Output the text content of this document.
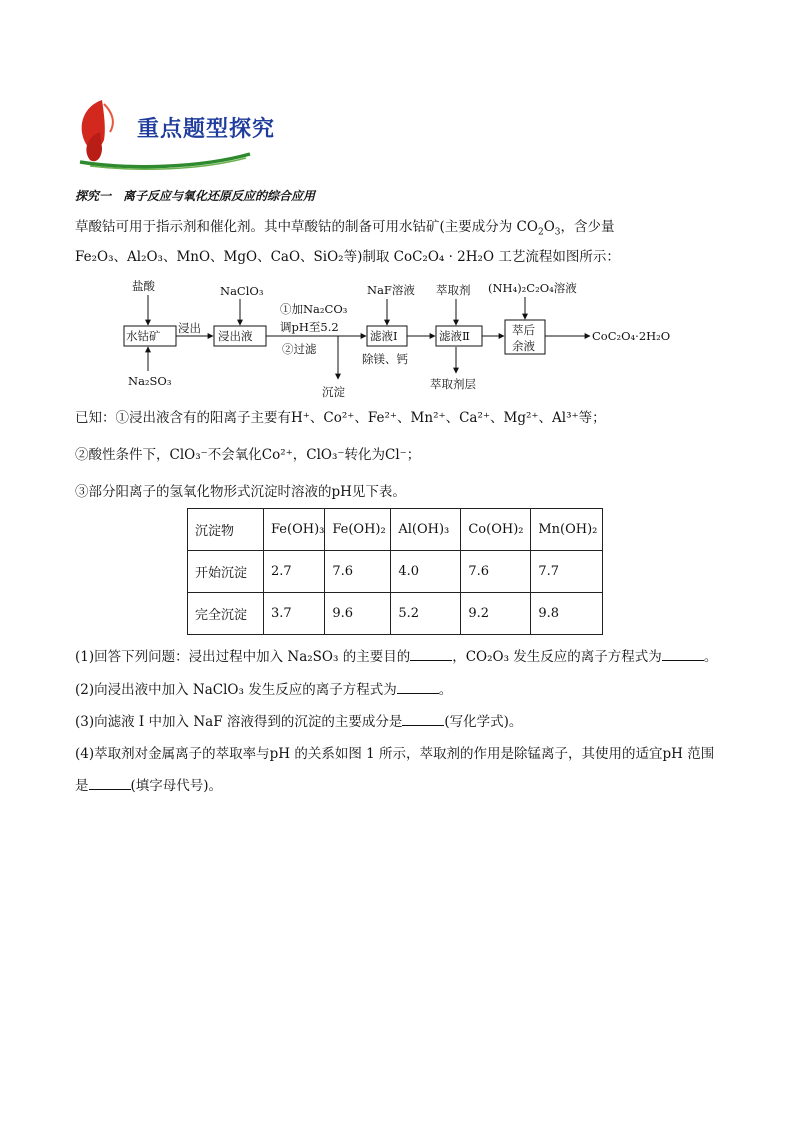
重点题型探究
探究一　离子反应与氧化还原反应的综合应用
草酸钴可用于指示剂和催化剂。其中草酸钴的制备可用水钴矿(主要成分为 $CO_2O_3$，含少量
Fe₂O₃、Al₂O₃、MnO、MgO、CaO、SiO₂等)制取 CoC₂O₄ · 2H₂O 工艺流程如图所示：
盐酸
水钴矿
Na₂SO₃
浸出
浸出液
NaClO₃
①加Na₂CO₃
调pH至5.2
②过滤
沉淀
NaF溶液
滤液Ⅰ
除镁、钙
萃取剂
滤液Ⅱ
萃取剂层
(NH₄)₂C₂O₄溶液
萃后
余液
CoC₂O₄·2H₂O
已知：①浸出液含有的阳离子主要有H⁺、Co²⁺、Fe²⁺、Mn²⁺、Ca²⁺、Mg²⁺、Al³⁺等；
②酸性条件下，ClO₃⁻不会氧化Co²⁺，ClO₃⁻转化为Cl⁻；
③部分阳离子的氢氧化物形式沉淀时溶液的pH见下表。
沉淀物	Fe(OH)₃	Fe(OH)₂	Al(OH)₃	Co(OH)₂	Mn(OH)₂
开始沉淀	2.7	7.6	4.0	7.6	7.7
完全沉淀	3.7	9.6	5.2	9.2	9.8
(1)回答下列问题：浸出过程中加入 Na₂SO₃ 的主要目的	，CO₂O₃ 发生反应的离子方程式为	。
(2)向浸出液中加入 NaClO₃ 发生反应的离子方程式为	。
(3)向滤液 I 中加入 NaF 溶液得到的沉淀的主要成分是	(写化学式)。
(4)萃取剂对金属离子的萃取率与pH 的关系如图 1 所示，萃取剂的作用是除锰离子，其使用的适宜pH 范围
是	(填字母代号)。
